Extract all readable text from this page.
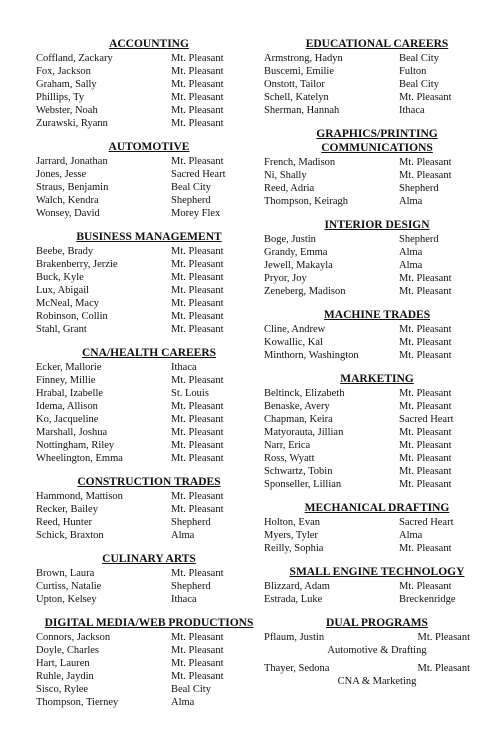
ACCOUNTING
Coffland, Zackary	Mt. Pleasant
Fox, Jackson	Mt. Pleasant
Graham, Sally	Mt. Pleasant
Phillips, Ty	Mt. Pleasant
Webster, Noah	Mt. Pleasant
Zurawski, Ryann	Mt. Pleasant
AUTOMOTIVE
Jarrard, Jonathan	Mt. Pleasant
Jones, Jesse	Sacred Heart
Straus, Benjamin	Beal City
Walch, Kendra	Shepherd
Wonsey, David	Morey Flex
BUSINESS MANAGEMENT
Beebe, Brady	Mt. Pleasant
Brakenberry, Jerzie	Mt. Pleasant
Buck, Kyle	Mt. Pleasant
Lux, Abigail	Mt. Pleasant
McNeal, Macy	Mt. Pleasant
Robinson, Collin	Mt. Pleasant
Stahl, Grant	Mt. Pleasant
CNA/HEALTH CAREERS
Ecker, Mallorie	Ithaca
Finney, Millie	Mt. Pleasant
Hrabal, Izabelle	St. Louis
Idema, Allison	Mt. Pleasant
Ko, Jacqueline	Mt. Pleasant
Marshall, Joshua	Mt. Pleasant
Nottingham, Riley	Mt. Pleasant
Wheelington, Emma	Mt. Pleasant
CONSTRUCTION TRADES
Hammond, Mattison	Mt. Pleasant
Recker, Bailey	Mt. Pleasant
Reed, Hunter	Shepherd
Schick, Braxton	Alma
CULINARY ARTS
Brown, Laura	Mt. Pleasant
Curtiss, Natalie	Shepherd
Upton, Kelsey	Ithaca
DIGITAL MEDIA/WEB PRODUCTIONS
Connors, Jackson	Mt. Pleasant
Doyle, Charles	Mt. Pleasant
Hart, Lauren	Mt. Pleasant
Ruhle, Jaydin	Mt. Pleasant
Sisco, Rylee	Beal City
Thompson, Tierney	Alma
EDUCATIONAL CAREERS
Armstrong, Hadyn	Beal City
Buscemi, Emilie	Fulton
Onstott, Tailor	Beal City
Schell, Katelyn	Mt. Pleasant
Sherman, Hannah	Ithaca
GRAPHICS/PRINTING
COMMUNICATIONS
French, Madison	Mt. Pleasant
Ni, Shally	Mt. Pleasant
Reed, Adria	Shepherd
Thompson, Keiragh	Alma
INTERIOR DESIGN
Boge, Justin	Shepherd
Grandy, Emma	Alma
Jewell, Makayla	Alma
Pryor, Joy	Mt. Pleasant
Zeneberg, Madison	Mt. Pleasant
MACHINE TRADES
Cline, Andrew	Mt. Pleasant
Kowallic, Kal	Mt. Pleasant
Minthorn, Washington	Mt. Pleasant
MARKETING
Beltinck, Elizabeth	Mt. Pleasant
Benaske, Avery	Mt. Pleasant
Chapman, Keira	Sacred Heart
Matyorauta, Jillian	Mt. Pleasant
Narr, Erica	Mt. Pleasant
Ross, Wyatt	Mt. Pleasant
Schwartz, Tobin	Mt. Pleasant
Sponseller, Lillian	Mt. Pleasant
MECHANICAL DRAFTING
Holton, Evan	Sacred Heart
Myers, Tyler	Alma
Reilly, Sophia	Mt. Pleasant
SMALL ENGINE TECHNOLOGY
Blizzard, Adam	Mt. Pleasant
Estrada, Luke	Breckenridge
DUAL PROGRAMS
Pflaum, Justin	Mt. Pleasant
Automotive & Drafting
Thayer, Sedona	Mt. Pleasant
CNA & Marketing
